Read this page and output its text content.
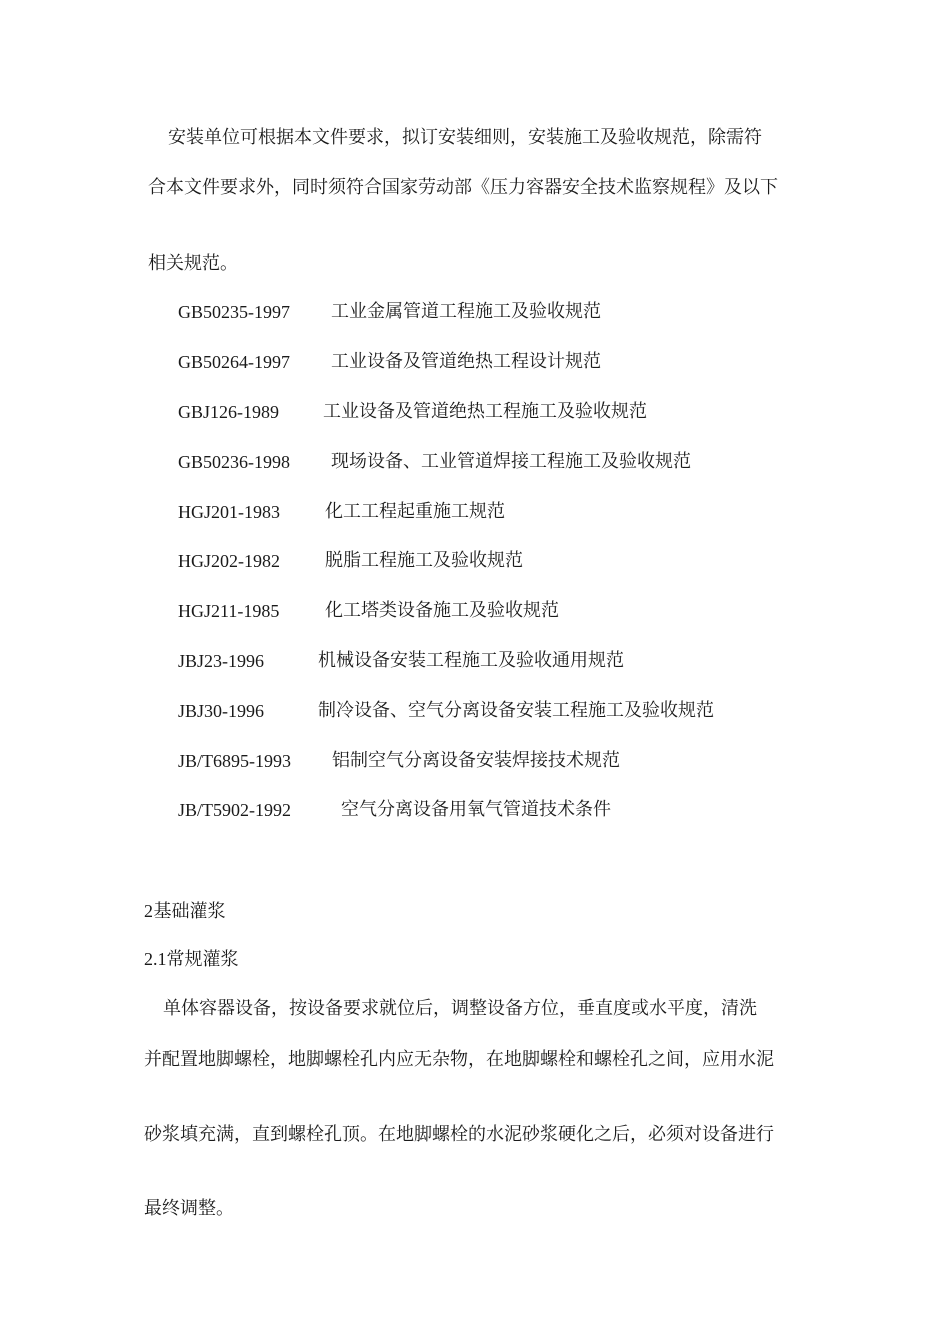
安装单位可根据本文件要求，拟订安装细则，安装施工及验收规范，除需符
合本文件要求外，同时须符合国家劳动部《压力容器安全技术监察规程》及以下
相关规范。
GB50235-1997 工业金属管道工程施工及验收规范
GB50264-1997 工业设备及管道绝热工程设计规范
GBJ126-1989 工业设备及管道绝热工程施工及验收规范
GB50236-1998 现场设备、工业管道焊接工程施工及验收规范
HGJ201-1983	化工工程起重施工规范
HGJ202-1982	脱脂工程施工及验收规范
HGJ211-1985	化工塔类设备施工及验收规范
JBJ23-1996	机械设备安装工程施工及验收通用规范
JBJ30-1996	制冷设备、空气分离设备安装工程施工及验收规范
JB/T6895-1993 铝制空气分离设备安装焊接技术规范
JB/T5902-1992	空气分离设备用氧气管道技术条件
2 基础灌浆
2.1常规灌浆
单体容器设备，按设备要求就位后，调整设备方位，垂直度或水平度，清洗
并配置地脚螺栓，地脚螺栓孔内应无杂物，在地脚螺栓和螺栓孔之间，应用水泥
砂浆填充满，直到螺栓孔顶。在地脚螺栓的水泥砂浆硬化之后，必须对设备进行
最终调整。
